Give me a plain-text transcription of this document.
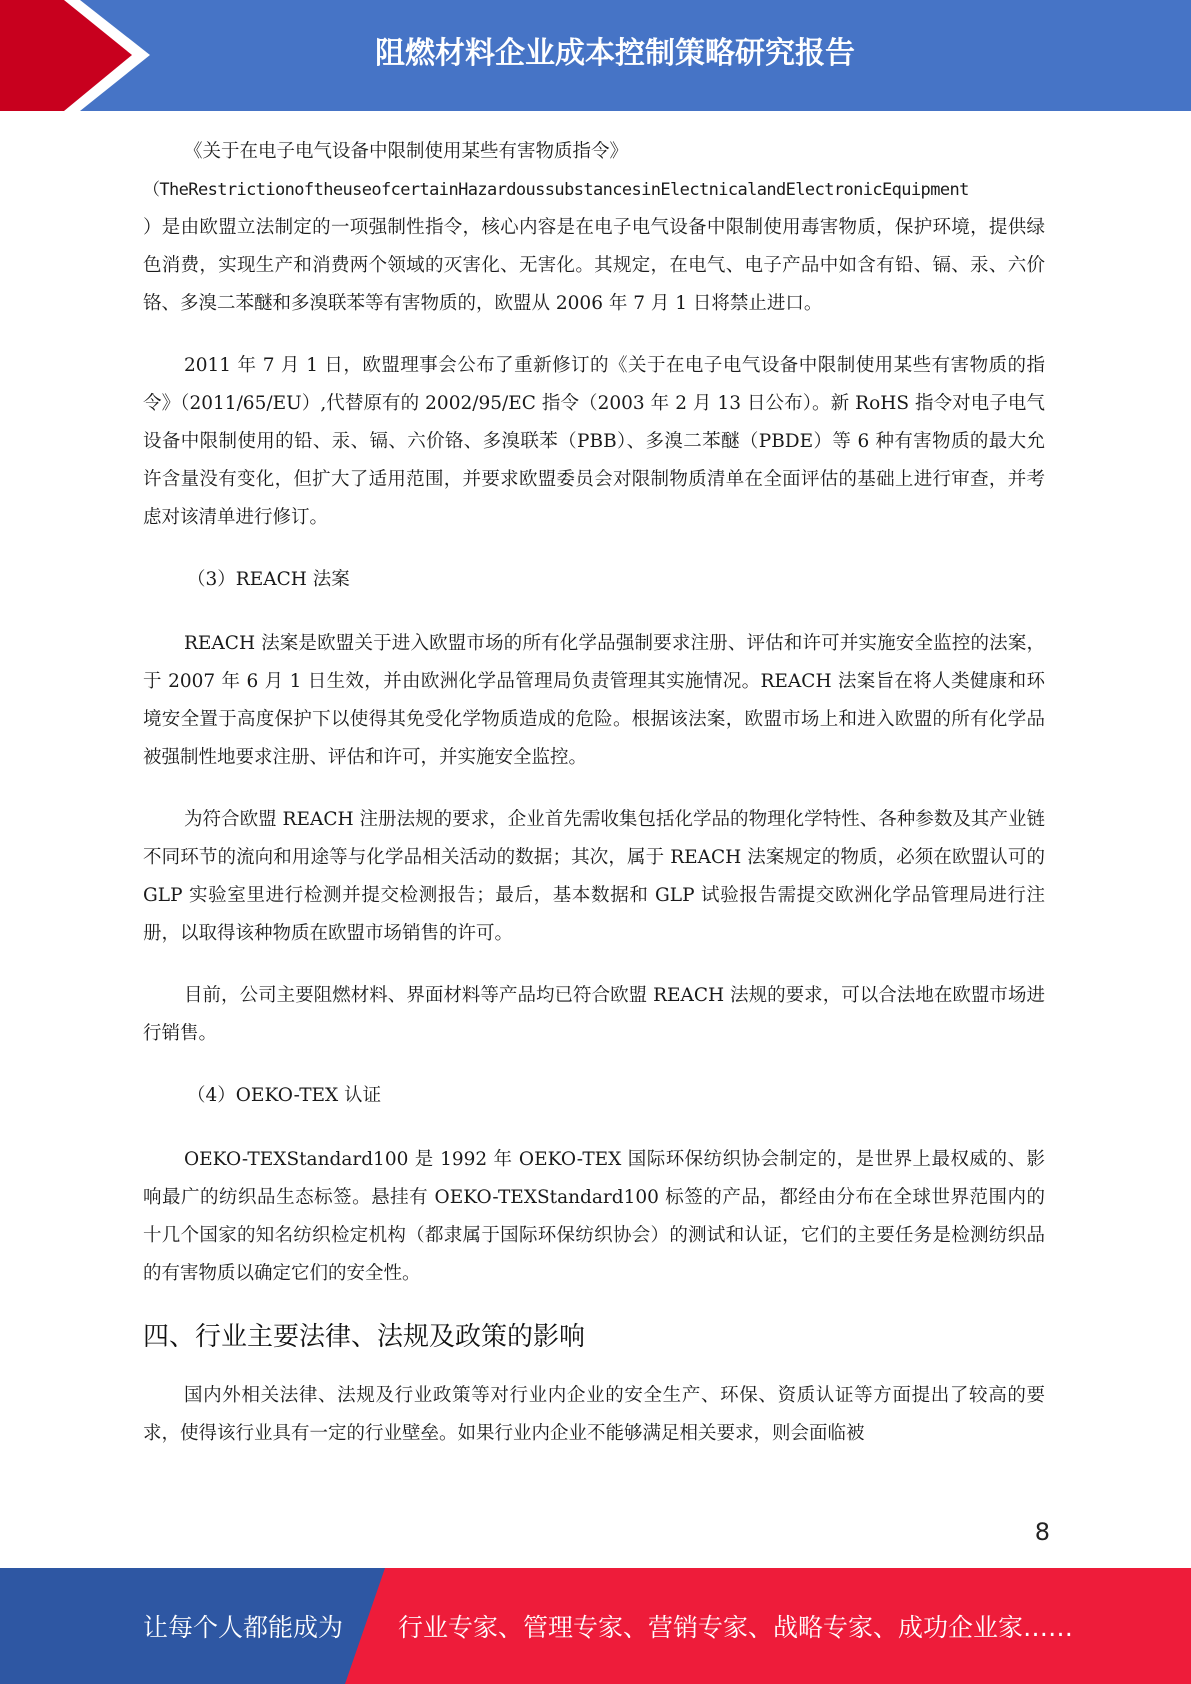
阻燃材料企业成本控制策略研究报告

《关于在电子电气设备中限制使用某些有害物质指令》

（TheRestrictionoftheuseofcertainHazardoussubstancesinElectnicalandElectronicEquipment

）是由欧盟立法制定的一项强制性指令，核心内容是在电子电气设备中限制使用毒害物质，保护环境，提供绿色消费，实现生产和消费两个领域的灭害化、无害化。其规定，在电气、电子产品中如含有铅、镉、汞、六价铬、多溴二苯醚和多溴联苯等有害物质的，欧盟从 2006 年 7 月 1 日将禁止进口。

2011 年 7 月 1 日，欧盟理事会公布了重新修订的《关于在电子电气设备中限制使用某些有害物质的指令》（2011/65/EU）,代替原有的 2002/95/EC 指令（2003 年 2 月 13 日公布）。新 RoHS 指令对电子电气设备中限制使用的铅、汞、镉、六价铬、多溴联苯（PBB）、多溴二苯醚（PBDE）等 6 种有害物质的最大允许含量没有变化，但扩大了适用范围，并要求欧盟委员会对限制物质清单在全面评估的基础上进行审查，并考虑对该清单进行修订。

（3）REACH 法案

REACH 法案是欧盟关于进入欧盟市场的所有化学品强制要求注册、评估和许可并实施安全监控的法案，于 2007 年 6 月 1 日生效，并由欧洲化学品管理局负责管理其实施情况。REACH 法案旨在将人类健康和环境安全置于高度保护下以使得其免受化学物质造成的危险。根据该法案，欧盟市场上和进入欧盟的所有化学品被强制性地要求注册、评估和许可，并实施安全监控。

为符合欧盟 REACH 注册法规的要求，企业首先需收集包括化学品的物理化学特性、各种参数及其产业链不同环节的流向和用途等与化学品相关活动的数据；其次，属于 REACH 法案规定的物质，必须在欧盟认可的 GLP 实验室里进行检测并提交检测报告；最后，基本数据和 GLP 试验报告需提交欧洲化学品管理局进行注册，以取得该种物质在欧盟市场销售的许可。

目前，公司主要阻燃材料、界面材料等产品均已符合欧盟 REACH 法规的要求，可以合法地在欧盟市场进行销售。

（4）OEKO-TEX 认证

OEKO-TEXStandard100 是 1992 年 OEKO-TEX 国际环保纺织协会制定的，是世界上最权威的、影响最广的纺织品生态标签。悬挂有 OEKO-TEXStandard100 标签的产品，都经由分布在全球世界范围内的十几个国家的知名纺织检定机构（都隶属于国际环保纺织协会）的测试和认证，它们的主要任务是检测纺织品的有害物质以确定它们的安全性。

四、行业主要法律、法规及政策的影响

国内外相关法律、法规及行业政策等对行业内企业的安全生产、环保、资质认证等方面提出了较高的要求，使得该行业具有一定的行业壁垒。如果行业内企业不能够满足相关要求，则会面临被

8
让每个人都能成为 行业专家、管理专家、营销专家、战略专家、成功企业家……
